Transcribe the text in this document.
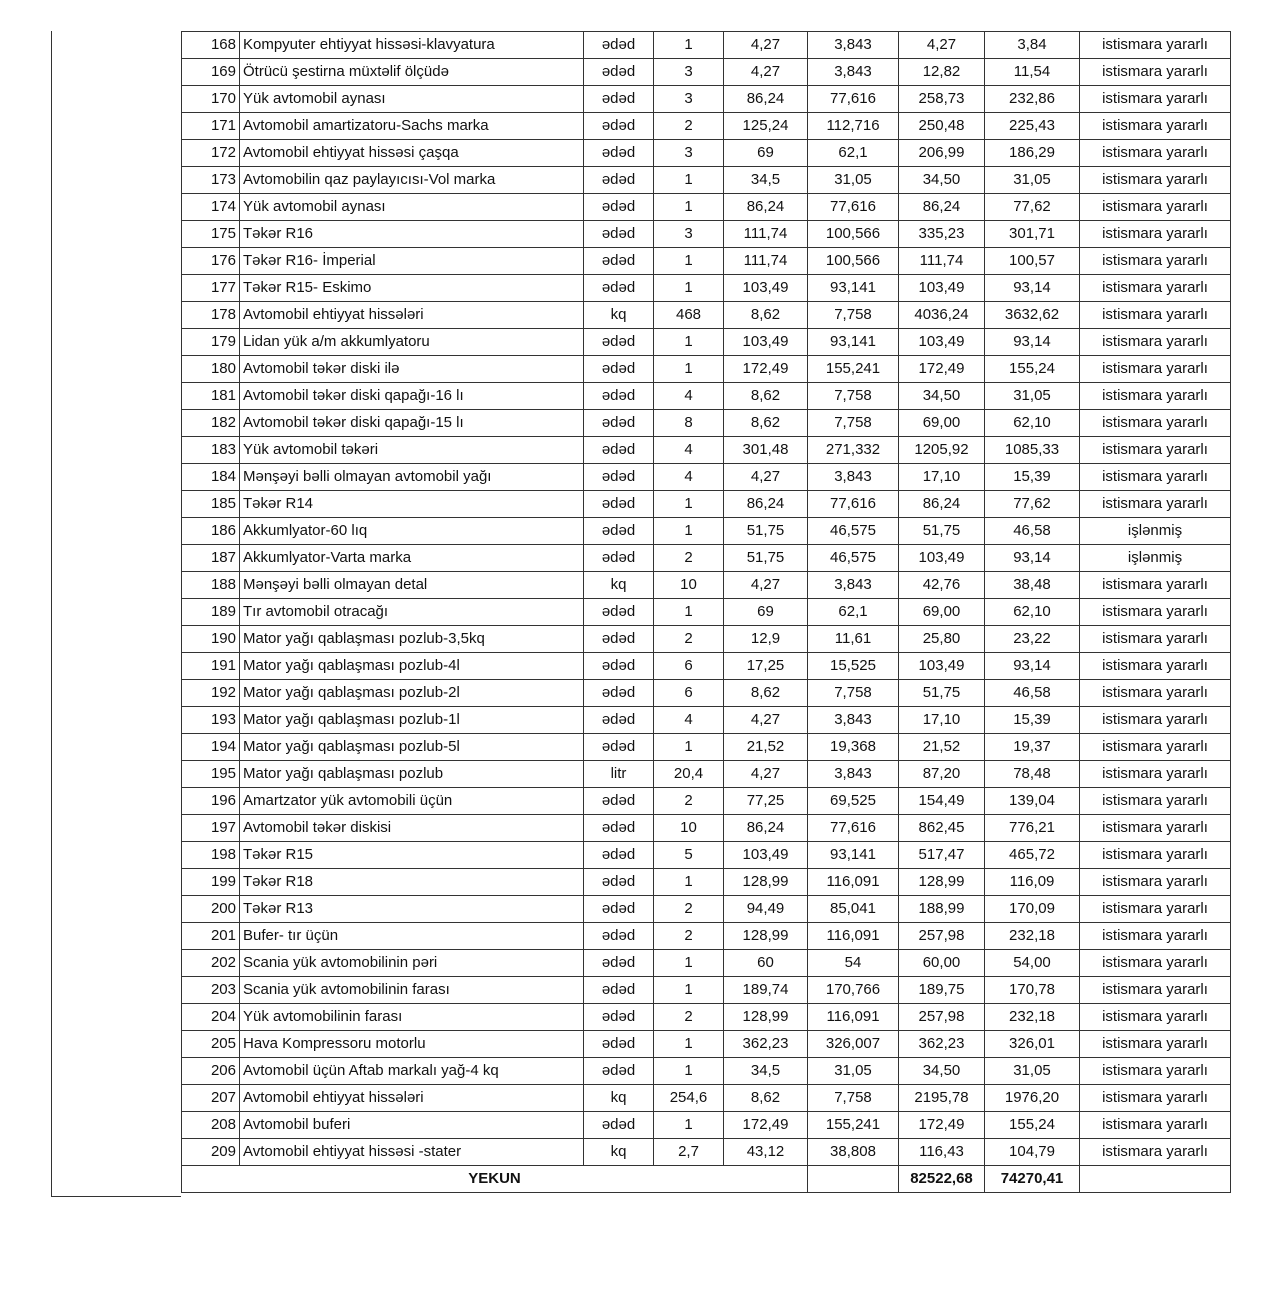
168	Kompyuter ehtiyyat hissəsi-klavyatura	ədəd	1	4,27	3,843	4,27	3,84	istismara yararlı
169	Ötrücü şestirna müxtəlif ölçüdə	ədəd	3	4,27	3,843	12,82	11,54	istismara yararlı
170	Yük avtomobil aynası	ədəd	3	86,24	77,616	258,73	232,86	istismara yararlı
171	Avtomobil amartizatoru-Sachs marka	ədəd	2	125,24	112,716	250,48	225,43	istismara yararlı
172	Avtomobil ehtiyyat hissəsi çaşqa	ədəd	3	69	62,1	206,99	186,29	istismara yararlı
173	Avtomobilin qaz paylayıcısı-Vol marka	ədəd	1	34,5	31,05	34,50	31,05	istismara yararlı
174	Yük avtomobil aynası	ədəd	1	86,24	77,616	86,24	77,62	istismara yararlı
175	Təkər R16	ədəd	3	111,74	100,566	335,23	301,71	istismara yararlı
176	Təkər R16- İmperial	ədəd	1	111,74	100,566	111,74	100,57	istismara yararlı
177	Təkər R15- Eskimo	ədəd	1	103,49	93,141	103,49	93,14	istismara yararlı
178	Avtomobil ehtiyyat hissələri	kq	468	8,62	7,758	4036,24	3632,62	istismara yararlı
179	Lidan yük a/m akkumlyatoru	ədəd	1	103,49	93,141	103,49	93,14	istismara yararlı
180	Avtomobil təkər diski ilə	ədəd	1	172,49	155,241	172,49	155,24	istismara yararlı
181	Avtomobil təkər diski qapağı-16 lı	ədəd	4	8,62	7,758	34,50	31,05	istismara yararlı
182	Avtomobil təkər diski qapağı-15 lı	ədəd	8	8,62	7,758	69,00	62,10	istismara yararlı
183	Yük avtomobil təkəri	ədəd	4	301,48	271,332	1205,92	1085,33	istismara yararlı
184	Mənşəyi bəlli olmayan avtomobil yağı	ədəd	4	4,27	3,843	17,10	15,39	istismara yararlı
185	Təkər R14	ədəd	1	86,24	77,616	86,24	77,62	istismara yararlı
186	Akkumlyator-60 lıq	ədəd	1	51,75	46,575	51,75	46,58	işlənmiş
187	Akkumlyator-Varta marka	ədəd	2	51,75	46,575	103,49	93,14	işlənmiş
188	Mənşəyi bəlli olmayan detal	kq	10	4,27	3,843	42,76	38,48	istismara yararlı
189	Tır avtomobil otracağı	ədəd	1	69	62,1	69,00	62,10	istismara yararlı
190	Mator yağı qablaşması pozlub-3,5kq	ədəd	2	12,9	11,61	25,80	23,22	istismara yararlı
191	Mator yağı qablaşması pozlub-4l	ədəd	6	17,25	15,525	103,49	93,14	istismara yararlı
192	Mator yağı qablaşması pozlub-2l	ədəd	6	8,62	7,758	51,75	46,58	istismara yararlı
193	Mator yağı qablaşması pozlub-1l	ədəd	4	4,27	3,843	17,10	15,39	istismara yararlı
194	Mator yağı qablaşması pozlub-5l	ədəd	1	21,52	19,368	21,52	19,37	istismara yararlı
195	Mator yağı qablaşması pozlub	litr	20,4	4,27	3,843	87,20	78,48	istismara yararlı
196	Amartzator yük avtomobili üçün	ədəd	2	77,25	69,525	154,49	139,04	istismara yararlı
197	Avtomobil təkər diskisi	ədəd	10	86,24	77,616	862,45	776,21	istismara yararlı
198	Təkər R15	ədəd	5	103,49	93,141	517,47	465,72	istismara yararlı
199	Təkər R18	ədəd	1	128,99	116,091	128,99	116,09	istismara yararlı
200	Təkər R13	ədəd	2	94,49	85,041	188,99	170,09	istismara yararlı
201	Bufer- tır üçün	ədəd	2	128,99	116,091	257,98	232,18	istismara yararlı
202	Scania yük avtomobilinin pəri	ədəd	1	60	54	60,00	54,00	istismara yararlı
203	Scania yük avtomobilinin farası	ədəd	1	189,74	170,766	189,75	170,78	istismara yararlı
204	Yük avtomobilinin farası	ədəd	2	128,99	116,091	257,98	232,18	istismara yararlı
205	Hava Kompressoru motorlu	ədəd	1	362,23	326,007	362,23	326,01	istismara yararlı
206	Avtomobil üçün Aftab markalı yağ-4 kq	ədəd	1	34,5	31,05	34,50	31,05	istismara yararlı
207	Avtomobil ehtiyyat hissələri	kq	254,6	8,62	7,758	2195,78	1976,20	istismara yararlı
208	Avtomobil buferi	ədəd	1	172,49	155,241	172,49	155,24	istismara yararlı
209	Avtomobil ehtiyyat hissəsi -stater	kq	2,7	43,12	38,808	116,43	104,79	istismara yararlı
YEKUN						82522,68	74270,41	
